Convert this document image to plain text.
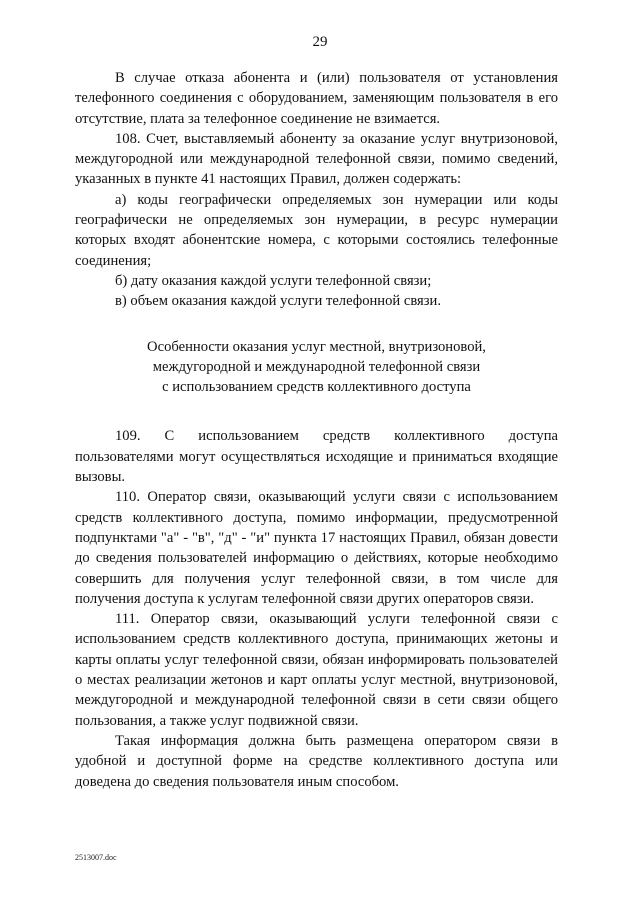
29

В случае отказа абонента и (или) пользователя от установления телефонного соединения с оборудованием, заменяющим пользователя в его отсутствие, плата за телефонное соединение не взимается.

108. Счет, выставляемый абоненту за оказание услуг внутризоновой, междугородной или международной телефонной связи, помимо сведений, указанных в пункте 41 настоящих Правил, должен содержать:

а) коды географически определяемых зон нумерации или коды географически не определяемых зон нумерации, в ресурс нумерации которых входят абонентские номера, с которыми состоялись телефонные соединения;

б) дату оказания каждой услуги телефонной связи;

в) объем оказания каждой услуги телефонной связи.

Особенности оказания услуг местной, внутризоновой,
междугородной и международной телефонной связи
с использованием средств коллективного доступа

109. С использованием средств коллективного доступа пользователями могут осуществляться исходящие и приниматься входящие вызовы.

110. Оператор связи, оказывающий услуги связи с использованием средств коллективного доступа, помимо информации, предусмотренной подпунктами "а" - "в", "д" - "и" пункта 17 настоящих Правил, обязан довести до сведения пользователей информацию о действиях, которые необходимо совершить для получения услуг телефонной связи, в том числе для получения доступа к услугам телефонной связи других операторов связи.

111. Оператор связи, оказывающий услуги телефонной связи с использованием средств коллективного доступа, принимающих жетоны и карты оплаты услуг телефонной связи, обязан информировать пользователей о местах реализации жетонов и карт оплаты услуг местной, внутризоновой, междугородной и международной телефонной связи в сети связи общего пользования, а также услуг подвижной связи.

Такая информация должна быть размещена оператором связи в удобной и доступной форме на средстве коллективного доступа или доведена до сведения пользователя иным способом.

2513007.doc
